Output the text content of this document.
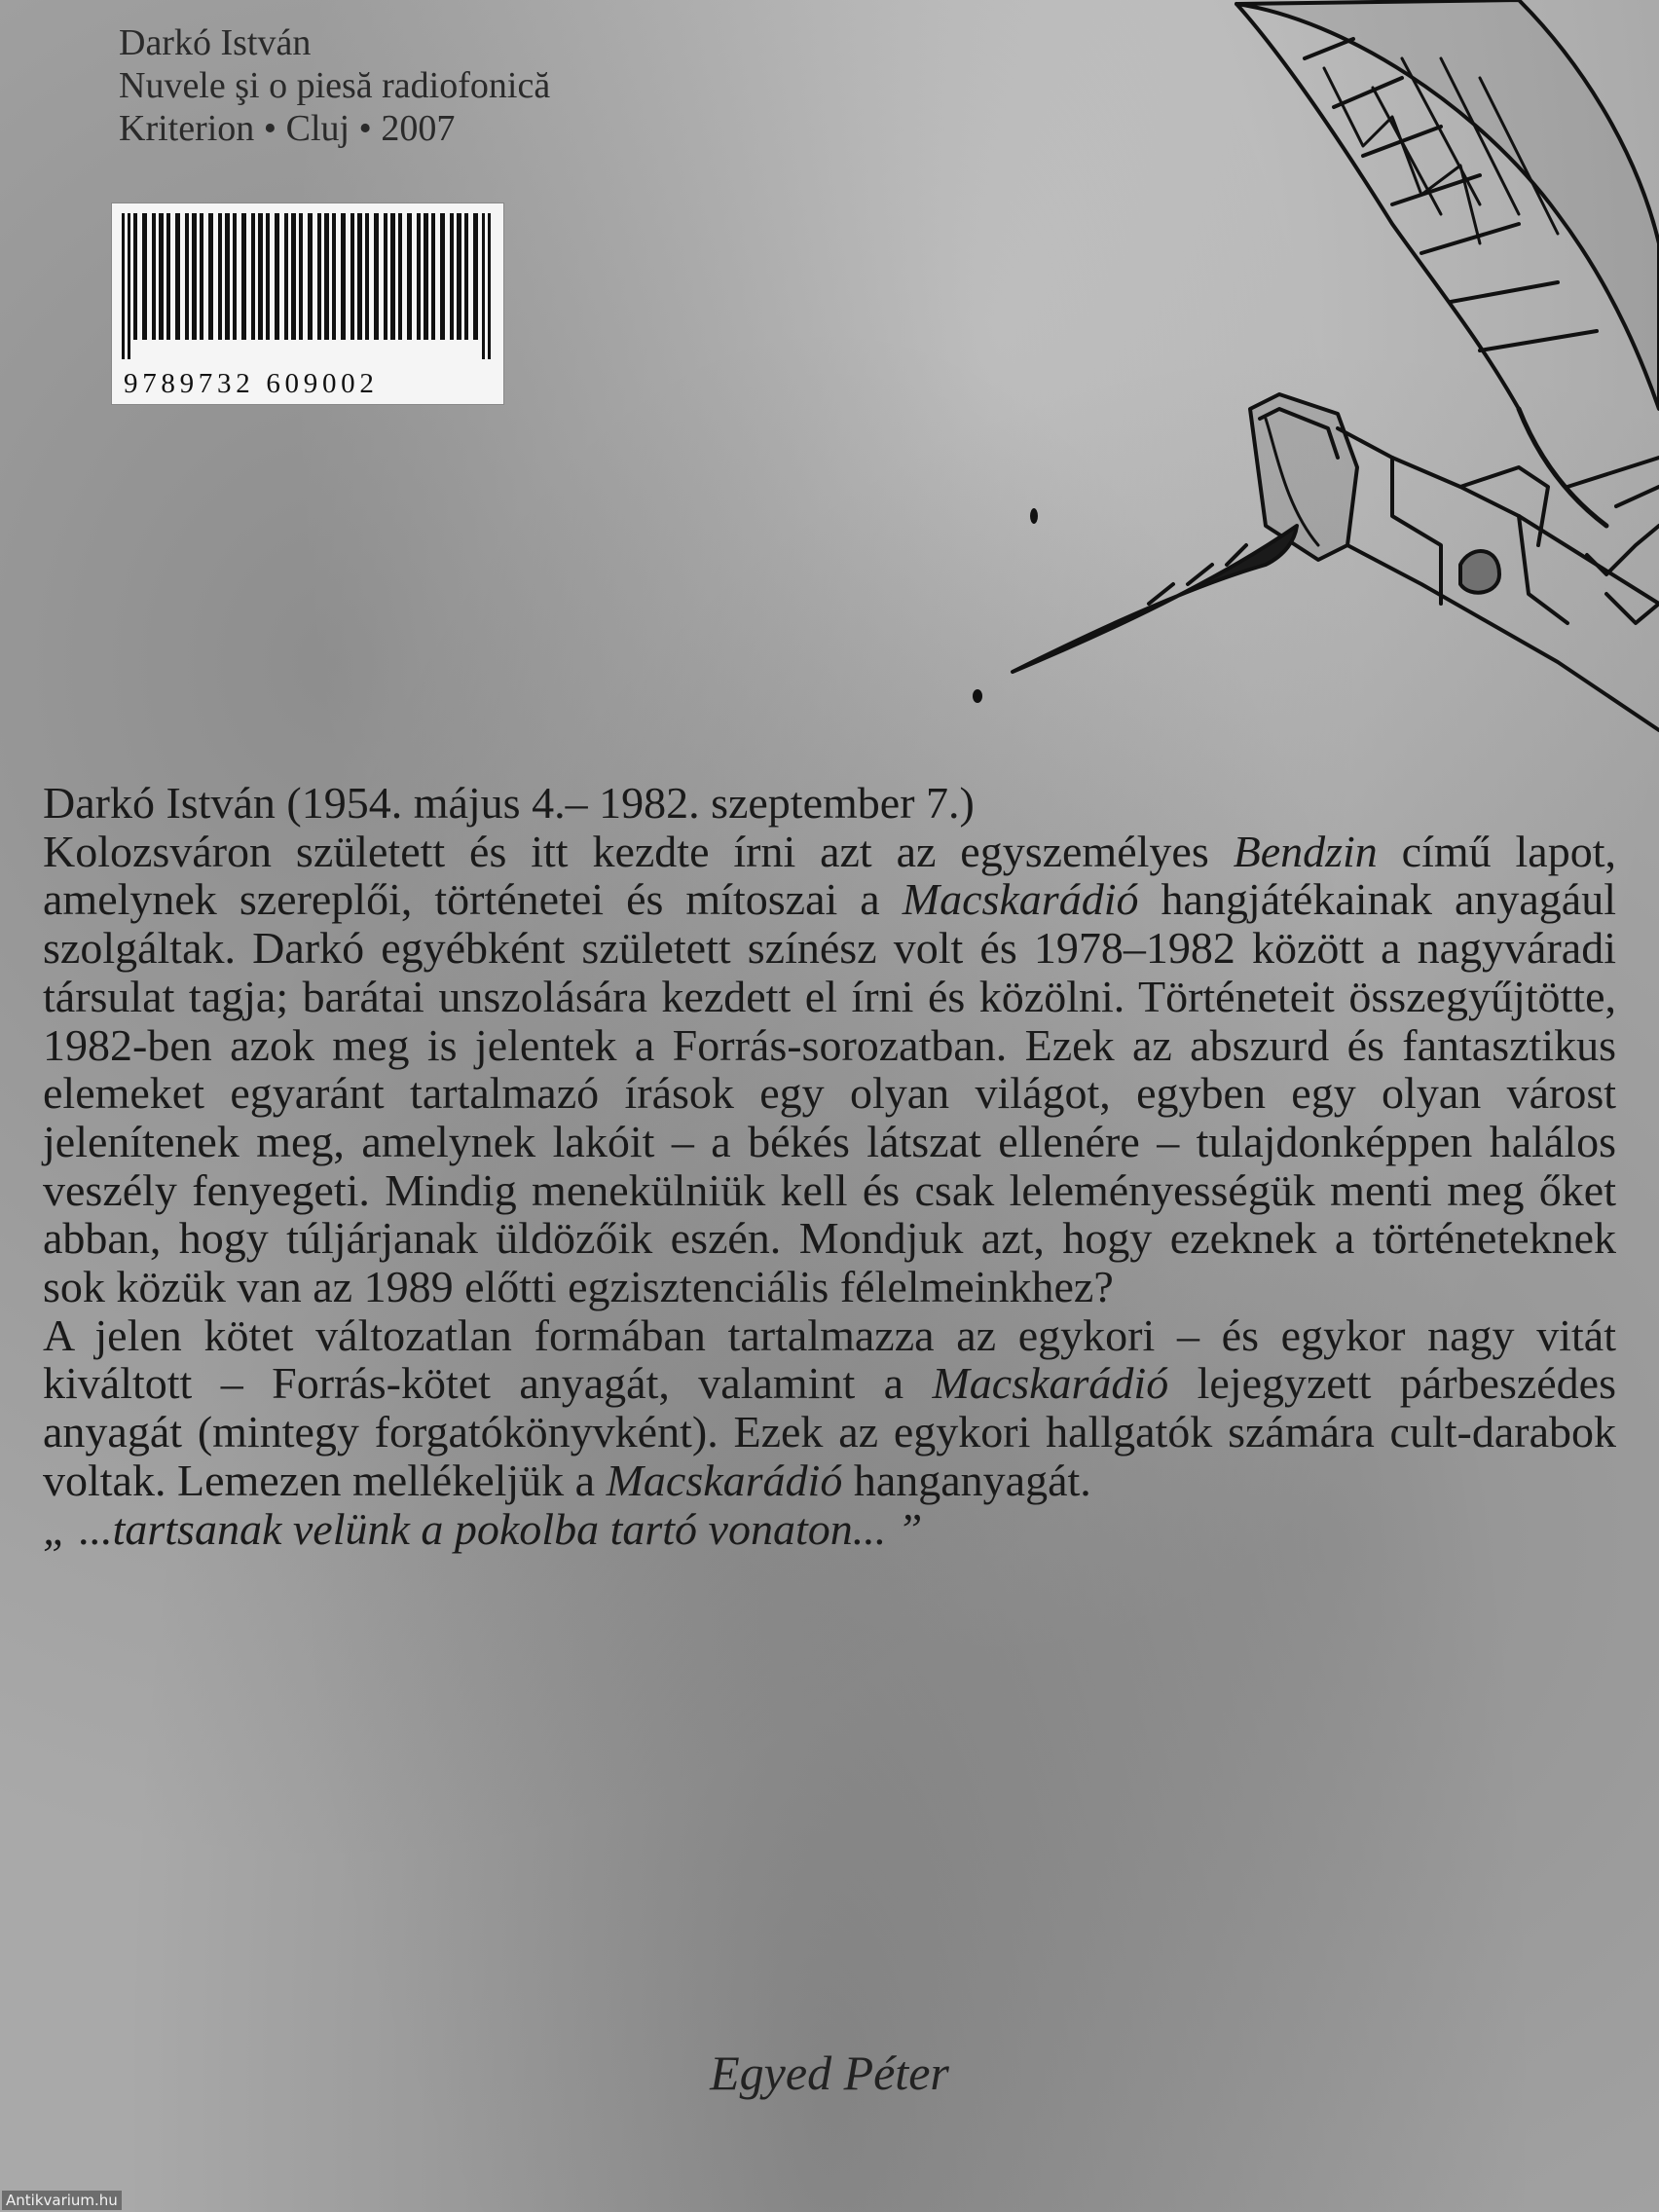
Darkó István
Nuvele şi o piesă radiofonică
Kriterion • Cluj • 2007
9789732 609002

Darkó István (1954. május 4.– 1982. szeptember 7.)

Kolozsváron született és itt kezdte írni azt az egyszemélyes Bendzin című lapot, amelynek szereplői, történetei és mítoszai a Macskarádió hangjátékainak anyagául szolgáltak. Darkó egyébként született színész volt és 1978–1982 között a nagyváradi társulat tagja; barátai unszolására kezdett el írni és közölni. Történeteit összegyűjtötte, 1982-ben azok meg is jelentek a Forrás-sorozatban. Ezek az abszurd és fantasztikus elemeket egyaránt tartalmazó írások egy olyan világot, egyben egy olyan várost jelenítenek meg, amelynek lakóit – a békés látszat ellenére – tulajdonképpen halálos veszély fenyegeti. Mindig menekülniük kell és csak leleményességük menti meg őket abban, hogy túljárjanak üldözőik eszén. Mondjuk azt, hogy ezeknek a történeteknek sok közük van az 1989 előtti egzisztenciális félelmeinkhez?

A jelen kötet változatlan formában tartalmazza az egykori – és egykor nagy vitát kiváltott – Forrás-kötet anyagát, valamint a Macskarádió lejegyzett párbeszédes anyagát (mintegy forgatókönyvként). Ezek az egykori hallgatók számára cult-darabok voltak. Lemezen mellékeljük a Macskarádió hanganyagát.

„ ...tartsanak velünk a pokolba tartó vonaton... ”

Egyed Péter
Antikvarium.hu
